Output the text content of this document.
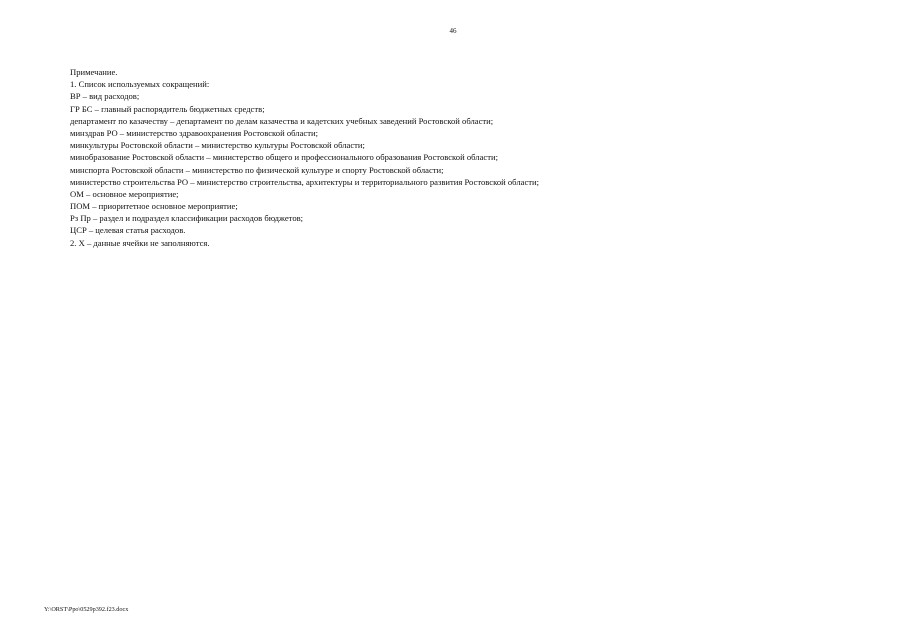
46
Примечание.
1. Список используемых сокращений:
ВР – вид расходов;
ГР БС – главный распорядитель бюджетных средств;
департамент по казачеству – департамент по делам казачества и кадетских учебных заведений Ростовской области;
минздрав РО – министерство здравоохранения Ростовской области;
минкультуры Ростовской области – министерство культуры Ростовской области;
минобразование Ростовской области – министерство общего и профессионального образования Ростовской области;
минспорта Ростовской области – министерство по физической культуре и спорту Ростовской области;
министерство строительства РО – министерство строительства, архитектуры и территориального развития Ростовской области;
ОМ – основное мероприятие;
ПОМ – приоритетное основное мероприятие;
Рз Пр – раздел и подраздел классификации расходов бюджетов;
ЦСР – целевая статья расходов.
2. Х – данные ячейки не заполняются.
Y:\ORST\Ppo\0529p392.f23.docx
